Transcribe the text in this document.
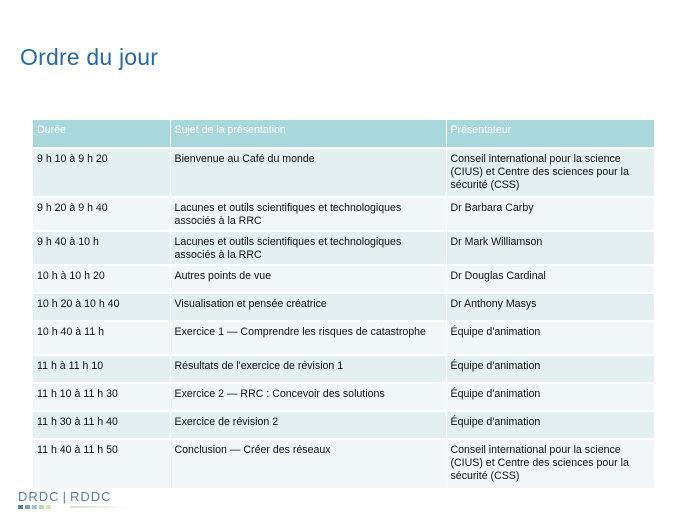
Ordre du jour
Durée	Sujet de la présentation	Présentateur
9 h 10 à 9 h 20	Bienvenue au Café du monde	Conseil international pour la science (CIUS) et Centre des sciences pour la sécurité (CSS)
9 h 20 à 9 h 40	Lacunes et outils scientifiques et technologiques associés à la RRC	Dr Barbara Carby
9 h 40 à 10 h	Lacunes et outils scientifiques et technologiques associés à la RRC	Dr Mark Williamson
10 h à 10 h 20	Autres points de vue	Dr Douglas Cardinal
10 h 20 à 10 h 40	Visualisation et pensée créatrice	Dr Anthony Masys
10 h 40 à 11 h	Exercice 1 — Comprendre les risques de catastrophe	Équipe d'animation
11 h à 11 h 10	Résultats de l'exercice de révision 1	Équipe d'animation
11 h 10 à 11 h 30	Exercice 2 — RRC : Concevoir des solutions	Équipe d'animation
11 h 30 à 11 h 40	Exercice de révision 2	Équipe d'animation
11 h 40 à 11 h 50	Conclusion — Créer des réseaux	Conseil international pour la science (CIUS) et Centre des sciences pour la sécurité (CSS)
DRDC | RDDC
